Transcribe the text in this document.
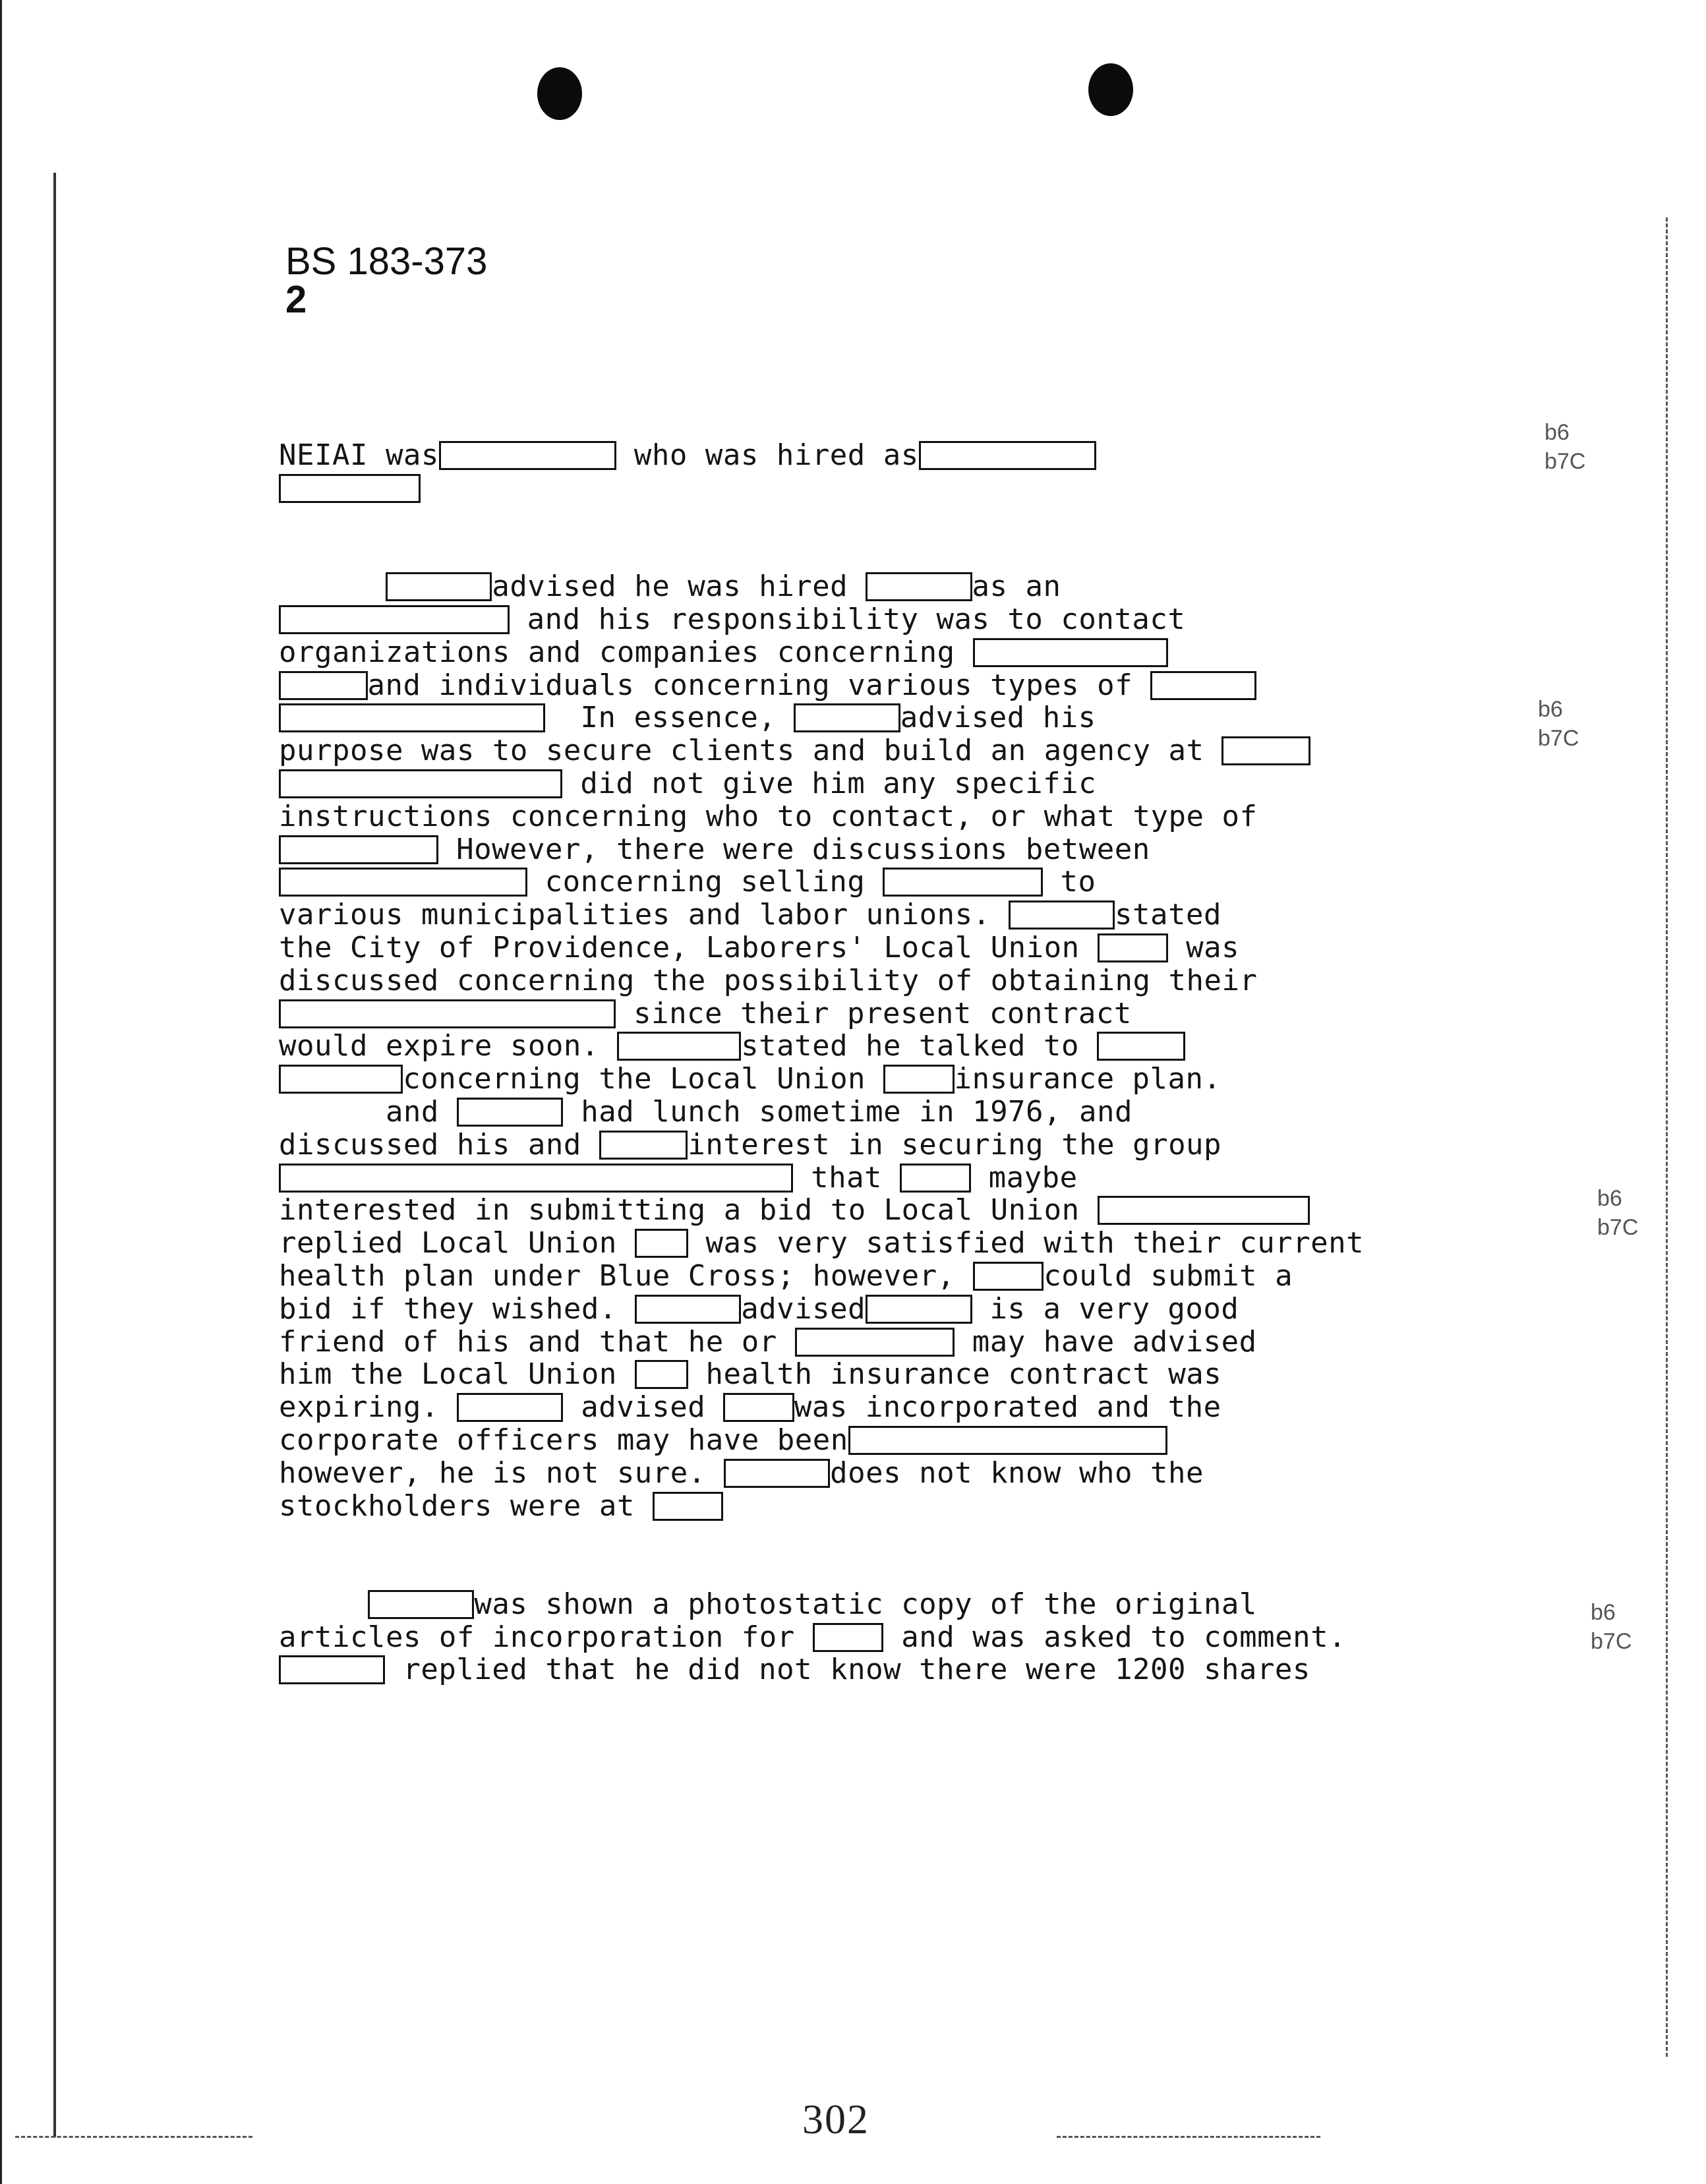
BS 183-373
2
NEIAI was	who was hired as
advised he was hired	as an
and his responsibility was to contact
organizations and companies concerning
and individuals concerning various types of
In essence,	advised his
purpose was to secure clients and build an agency at
did not give him any specific
instructions concerning who to contact, or what type of
However, there were discussions between
concerning selling	to
various municipalities and labor unions.	stated
the City of Providence, Laborers' Local Union  was
discussed concerning the possibility of obtaining their
since their present contract
would expire soon.	stated he talked to
concerning the Local Union insurance plan.
and	had lunch sometime in 1976, and
discussed his and	interest in securing the group
that  maybe
interested in submitting a bid to Local Union
replied Local Union  was very satisfied with their current
health plan under Blue Cross; however, could submit a
bid if they wished.	advised	is a very good
friend of his and that he or	may have advised
him the Local Union  health insurance contract was
expiring.	advised was incorporated and the
corporate officers may have been
however, he is not sure.	does not know who the
stockholders were at
was shown a photostatic copy of the original
articles of incorporation for  and was asked to comment.
replied that he did not know there were 1200 shares
b6
b7C
b6
b7C
b6
b7C
b6
b7C
302
